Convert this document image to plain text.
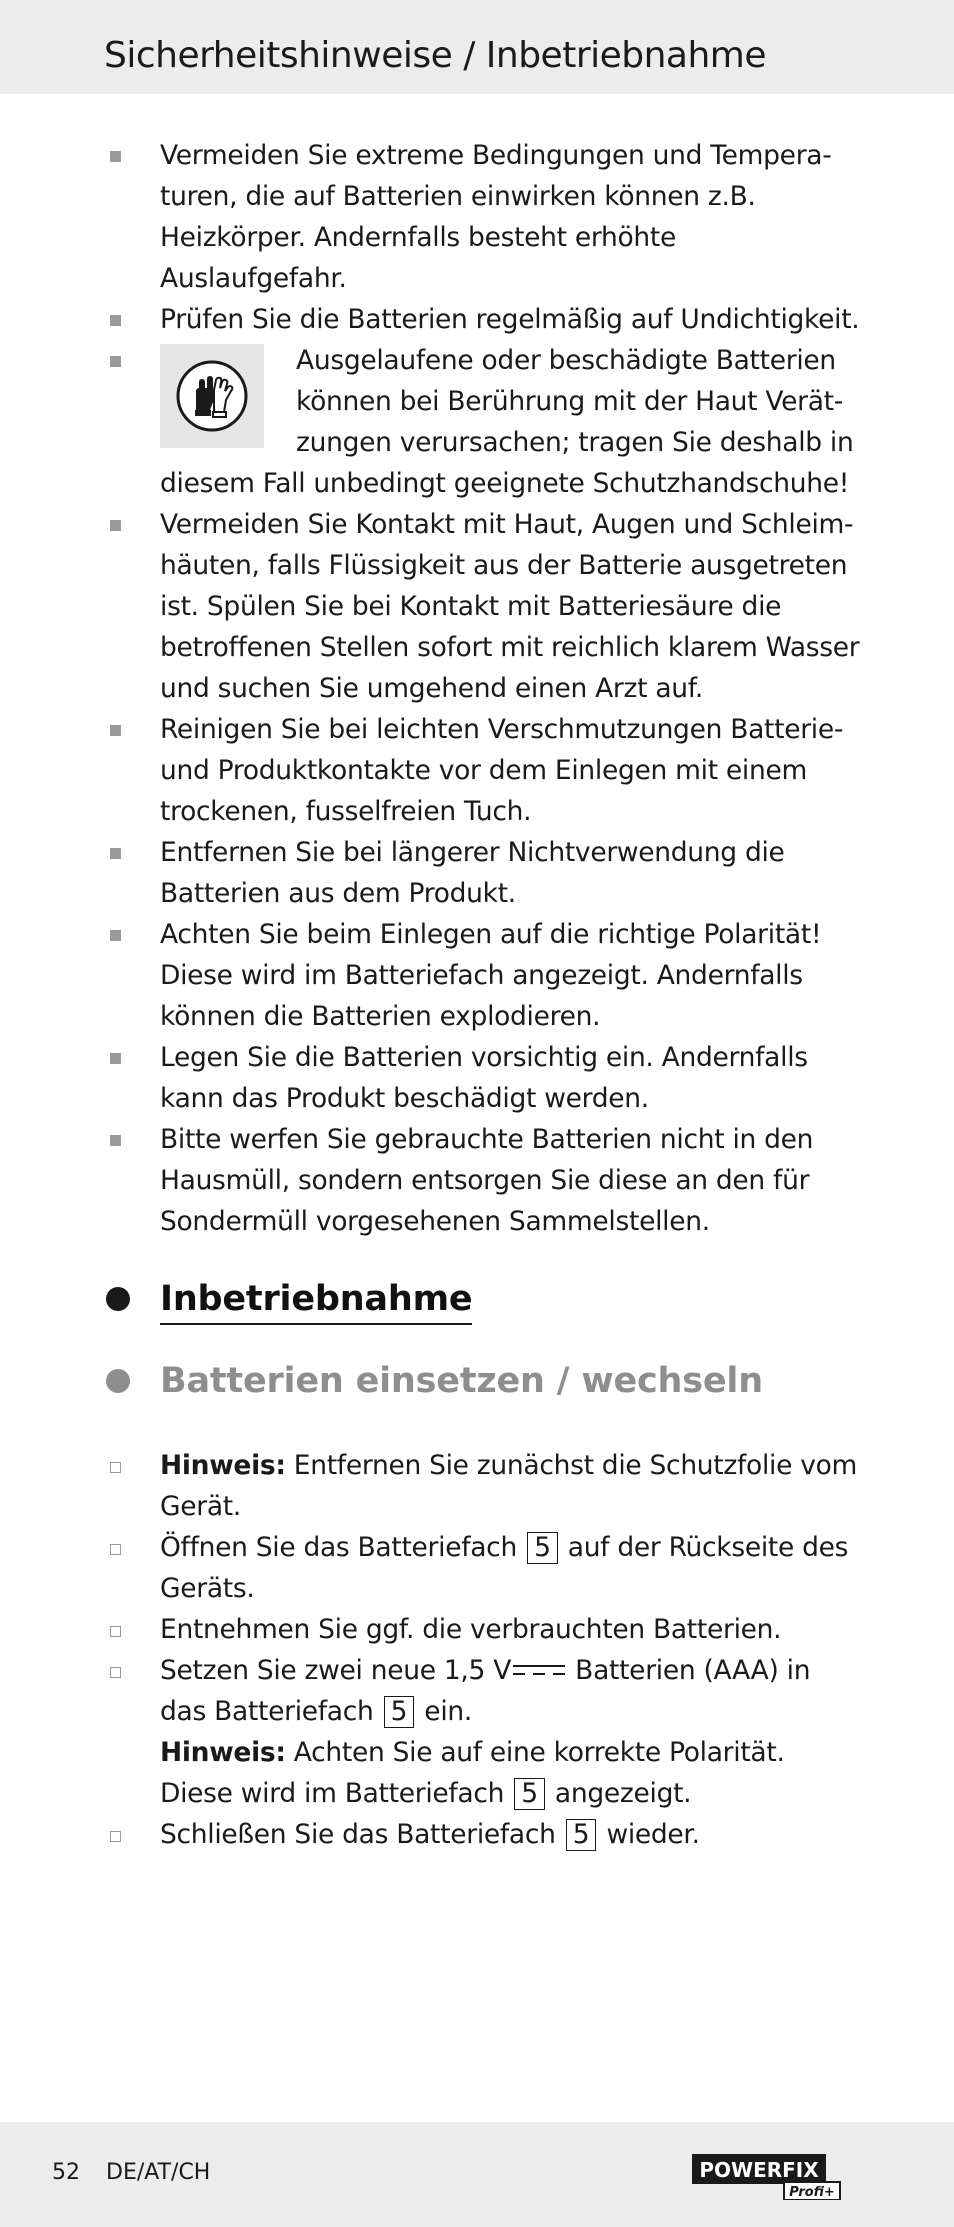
Sicherheitshinweise / Inbetriebnahme
Vermeiden Sie extreme Bedingungen und Temperaturen, die auf Batterien einwirken können z.B. Heizkörper. Andernfalls besteht erhöhte Auslaufgefahr.
Prüfen Sie die Batterien regelmäßig auf Undichtigkeit.
Ausgelaufene oder beschädigte Batterien können bei Berührung mit der Haut Verätzungen verursachen; tragen Sie deshalb in diesem Fall unbedingt geeignete Schutzhandschuhe!
Vermeiden Sie Kontakt mit Haut, Augen und Schleimhäuten, falls Flüssigkeit aus der Batterie ausgetreten ist. Spülen Sie bei Kontakt mit Batteriesäure die betroffenen Stellen sofort mit reichlich klarem Wasser und suchen Sie umgehend einen Arzt auf.
Reinigen Sie bei leichten Verschmutzungen Batterie- und Produktkontakte vor dem Einlegen mit einem trockenen, fusselfreien Tuch.
Entfernen Sie bei längerer Nichtverwendung die Batterien aus dem Produkt.
Achten Sie beim Einlegen auf die richtige Polarität! Diese wird im Batteriefach angezeigt. Andernfalls können die Batterien explodieren.
Legen Sie die Batterien vorsichtig ein. Andernfalls kann das Produkt beschädigt werden.
Bitte werfen Sie gebrauchte Batterien nicht in den Hausmüll, sondern entsorgen Sie diese an den für Sondermüll vorgesehenen Sammelstellen.
Inbetriebnahme
Batterien einsetzen / wechseln
Hinweis: Entfernen Sie zunächst die Schutzfolie vom Gerät.
Öffnen Sie das Batteriefach 5 auf der Rückseite des Geräts.
Entnehmen Sie ggf. die verbrauchten Batterien.
Setzen Sie zwei neue 1,5 V Batterien (AAA) in das Batteriefach 5 ein.
Hinweis: Achten Sie auf eine korrekte Polarität. Diese wird im Batteriefach 5 angezeigt.
Schließen Sie das Batteriefach 5 wieder.
52 DE/AT/CH	POWERFIX
Profi+
